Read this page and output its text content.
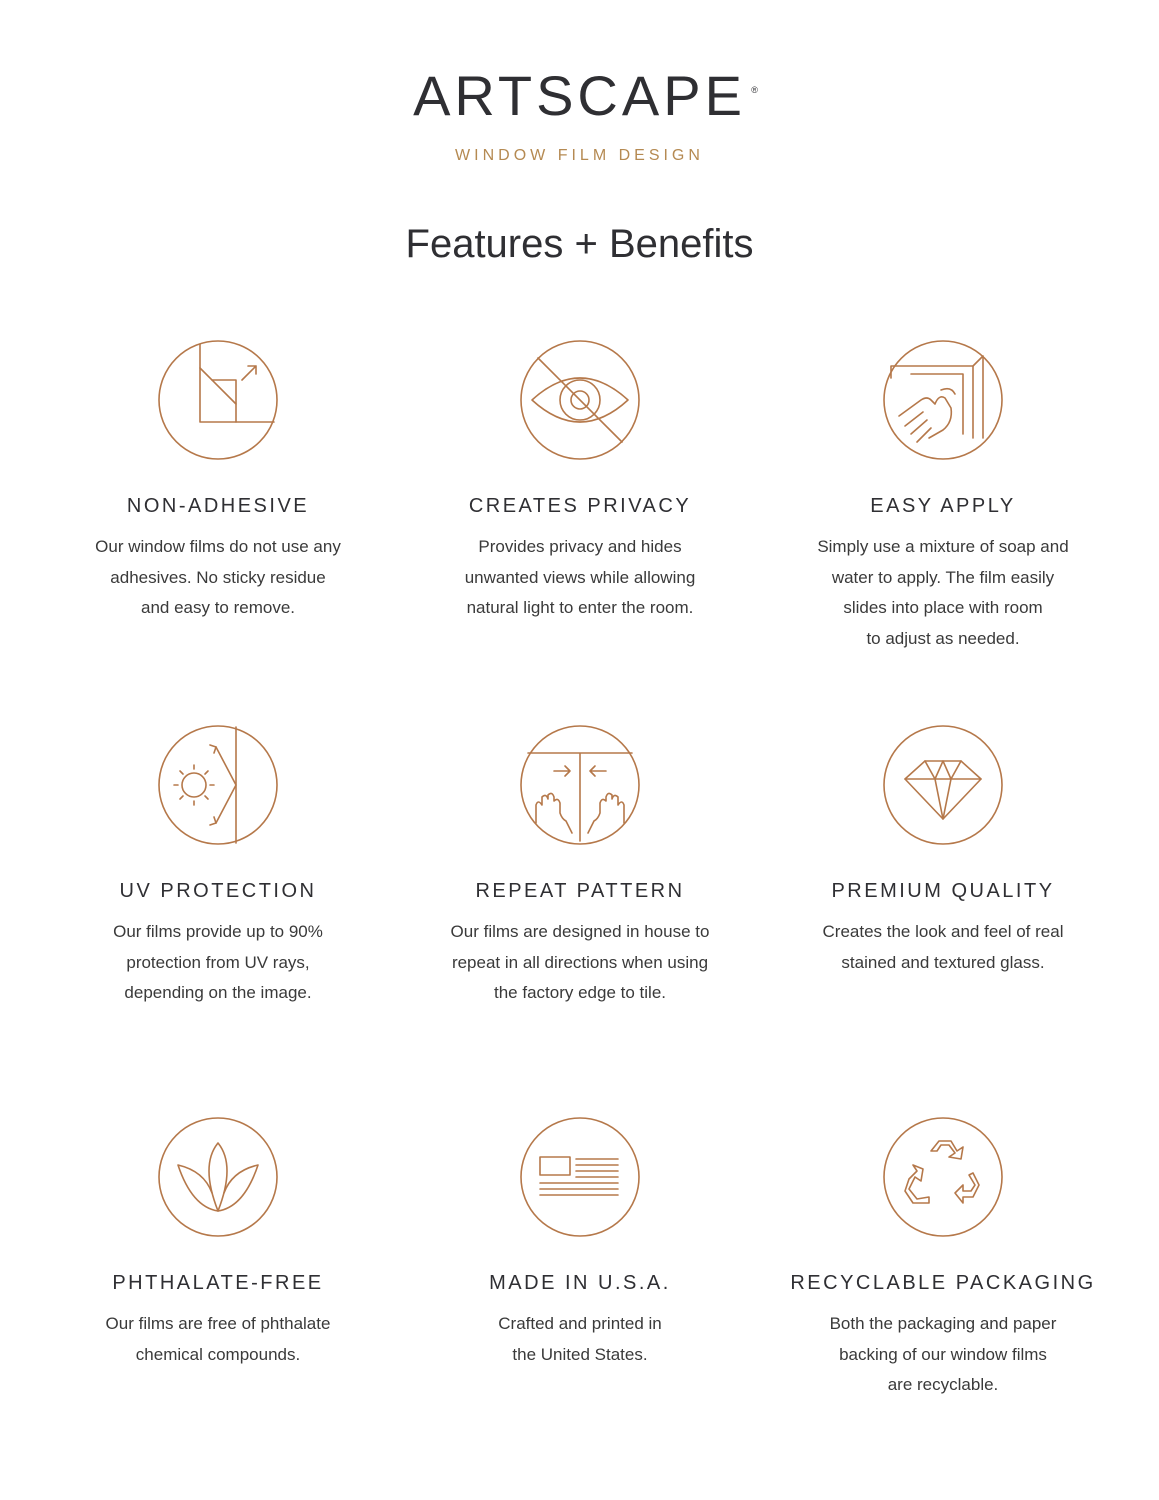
ARTSCAPE ®
WINDOW FILM DESIGN
Features + Benefits
NON-ADHESIVE

Our window films do not use any
adhesives. No sticky residue
and easy to remove.

CREATES PRIVACY

Provides privacy and hides
unwanted views while allowing
natural light to enter the room.

EASY APPLY

Simply use a mixture of soap and
water to apply. The film easily
slides into place with room
to adjust as needed.

UV PROTECTION

Our films provide up to 90%
protection from UV rays,
depending on the image.

REPEAT PATTERN

Our films are designed in house to
repeat in all directions when using
the factory edge to tile.

PREMIUM QUALITY

Creates the look and feel of real
stained and textured glass.

PHTHALATE-FREE

Our films are free of phthalate
chemical compounds.

MADE IN U.S.A.

Crafted and printed in
the United States.

RECYCLABLE PACKAGING

Both the packaging and paper
backing of our window films
are recyclable.
